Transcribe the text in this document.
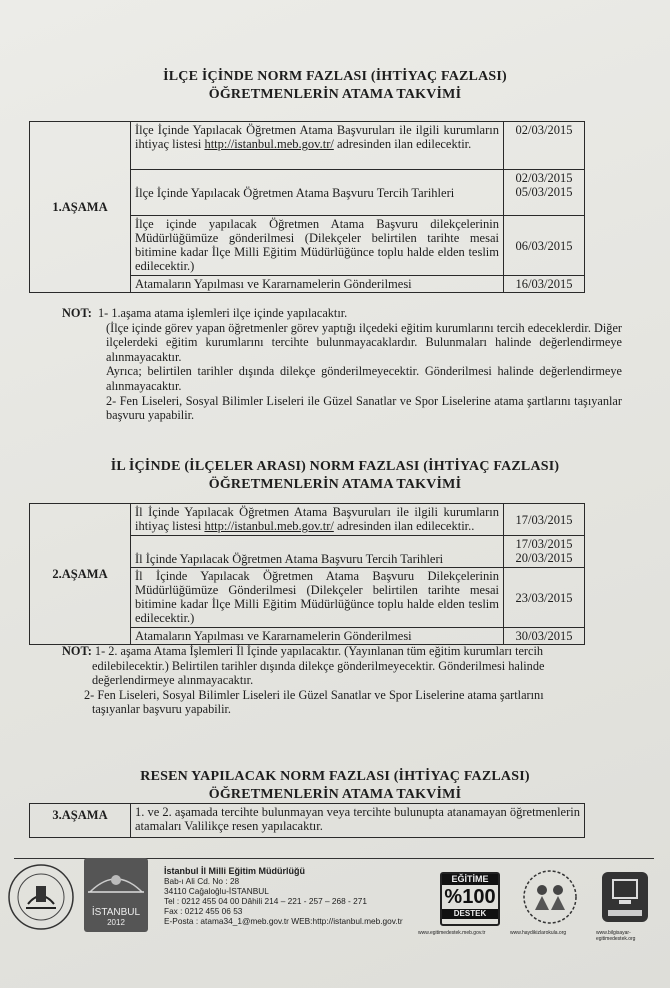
İLÇE İÇİNDE NORM FAZLASI (İHTİYAÇ FAZLASI)
ÖĞRETMENLERİN ATAMA TAKVİMİ
1.AŞAMA	İlçe İçinde Yapılacak Öğretmen Atama Başvuruları ile ilgili kurumların ihtiyaç listesi http://istanbul.meb.gov.tr/ adresinden ilan edilecektir.	02/03/2015
	İlçe İçinde Yapılacak Öğretmen Atama Başvuru Tercih Tarihleri	02/03/2015
05/03/2015
	İlçe içinde yapılacak Öğretmen Atama Başvuru dilekçelerinin Müdürlüğümüze gönderilmesi (Dilekçeler belirtilen tarihte mesai bitimine kadar İlçe Milli Eğitim Müdürlüğünce toplu halde elden teslim edilecektir.)	06/03/2015
	Atamaların Yapılması ve Kararnamelerin Gönderilmesi	16/03/2015

NOT: 1- 1.aşama atama işlemleri ilçe içinde yapılacaktır.

(İlçe içinde görev yapan öğretmenler görev yaptığı ilçedeki eğitim kurumlarını tercih edeceklerdir. Diğer ilçelerdeki eğitim kurumlarını tercihte bulunmayacaklardır. Bulunmaları halinde değerlendirmeye alınmayacaktır.

Ayrıca; belirtilen tarihler dışında dilekçe gönderilmeyecektir. Gönderilmesi halinde değerlendirmeye alınmayacaktır.

2- Fen Liseleri, Sosyal Bilimler Liseleri ile Güzel Sanatlar ve Spor Liselerine atama şartlarını taşıyanlar başvuru yapabilir.

İL İÇİNDE (İLÇELER ARASI) NORM FAZLASI (İHTİYAÇ FAZLASI)
ÖĞRETMENLERİN ATAMA TAKVİMİ
2.AŞAMA	İl İçinde Yapılacak Öğretmen Atama Başvuruları ile ilgili kurumların ihtiyaç listesi http://istanbul.meb.gov.tr/ adresinden ilan edilecektir..	17/03/2015
	İl İçinde Yapılacak Öğretmen Atama Başvuru Tercih Tarihleri	17/03/2015
20/03/2015
	İl İçinde Yapılacak Öğretmen Atama Başvuru Dilekçelerinin Müdürlüğümüze Gönderilmesi (Dilekçeler belirtilen tarihte mesai bitimine kadar İlçe Milli Eğitim Müdürlüğünce toplu halde elden teslim edilecektir.)	23/03/2015
	Atamaların Yapılması ve Kararnamelerin Gönderilmesi	30/03/2015

NOT: 1- 2. aşama Atama İşlemleri İl İçinde yapılacaktır. (Yayınlanan tüm eğitim kurumları tercih edilebilecektir.) Belirtilen tarihler dışında dilekçe gönderilmeyecektir. Gönderilmesi halinde değerlendirmeye alınmayacaktır.

2- Fen Liseleri, Sosyal Bilimler Liseleri ile Güzel Sanatlar ve Spor Liselerine atama şartlarını taşıyanlar başvuru yapabilir.

RESEN YAPILACAK NORM FAZLASI (İHTİYAÇ FAZLASI)
ÖĞRETMENLERİN ATAMA TAKVİMİ
3.AŞAMA	1. ve 2. aşamada tercihte bulunmayan veya tercihte bulunupta atanamayan öğretmenlerin atamaları Valilikçe resen yapılacaktır.
İSTANBUL
2012
İstanbul İl Milli Eğitim Müdürlüğü
Bab-ı Ali Cd. No : 28
34110 Cağaloğlu-İSTANBUL
Tel : 0212 455 04 00 Dâhili 214 – 221 - 257 – 268 - 271
Fax : 0212 455 06 53
E-Posta : atama34_1@meb.gov.tr WEB:http://istanbul.meb.gov.tr
EĞİTİME
%100
DESTEK
www.egitimedestek.meb.gov.tr	www.haydikizlarokula.org	www.bilgisayar-egitimedestek.org
